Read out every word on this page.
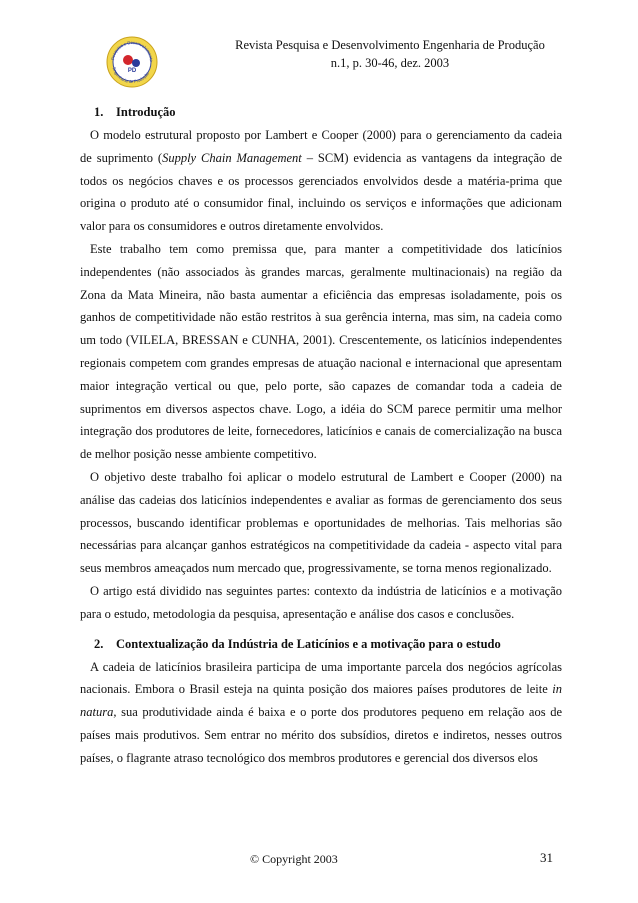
Pesquisa e Desenvolvimento
Engenharia de Produção
PD
Revista Pesquisa e Desenvolvimento Engenharia de Produção
n.1, p. 30-46, dez. 2003
1. Introdução

O modelo estrutural proposto por Lambert e Cooper (2000) para o gerenciamento da cadeia de suprimento (Supply Chain Management – SCM) evidencia as vantagens da integração de todos os negócios chaves e os processos gerenciados envolvidos desde a matéria-prima que origina o produto até o consumidor final, incluindo os serviços e informações que adicionam valor para os consumidores e outros diretamente envolvidos.

Este trabalho tem como premissa que, para manter a competitividade dos laticínios independentes (não associados às grandes marcas, geralmente multinacionais) na região da Zona da Mata Mineira, não basta aumentar a eficiência das empresas isoladamente, pois os ganhos de competitividade não estão restritos à sua gerência interna, mas sim, na cadeia como um todo (VILELA, BRESSAN e CUNHA, 2001). Crescentemente, os laticínios independentes regionais competem com grandes empresas de atuação nacional e internacional que apresentam maior integração vertical ou que, pelo porte, são capazes de comandar toda a cadeia de suprimentos em diversos aspectos chave. Logo, a idéia do SCM parece permitir uma melhor integração dos produtores de leite, fornecedores, laticínios e canais de comercialização na busca de melhor posição nesse ambiente competitivo.

O objetivo deste trabalho foi aplicar o modelo estrutural de Lambert e Cooper (2000) na análise das cadeias dos laticínios independentes e avaliar as formas de gerenciamento dos seus processos, buscando identificar problemas e oportunidades de melhorias. Tais melhorias são necessárias para alcançar ganhos estratégicos na competitividade da cadeia - aspecto vital para seus membros ameaçados num mercado que, progressivamente, se torna menos regionalizado.

O artigo está dividido nas seguintes partes: contexto da indústria de laticínios e a motivação para o estudo, metodologia da pesquisa, apresentação e análise dos casos e conclusões.

2. Contextualização da Indústria de Laticínios e a motivação para o estudo

A cadeia de laticínios brasileira participa de uma importante parcela dos negócios agrícolas nacionais. Embora o Brasil esteja na quinta posição dos maiores países produtores de leite in natura, sua produtividade ainda é baixa e o porte dos produtores pequeno em relação aos de países mais produtivos. Sem entrar no mérito dos subsídios, diretos e indiretos, nesses outros países, o flagrante atraso tecnológico dos membros produtores e gerencial dos diversos elos

© Copyright 2003	31
